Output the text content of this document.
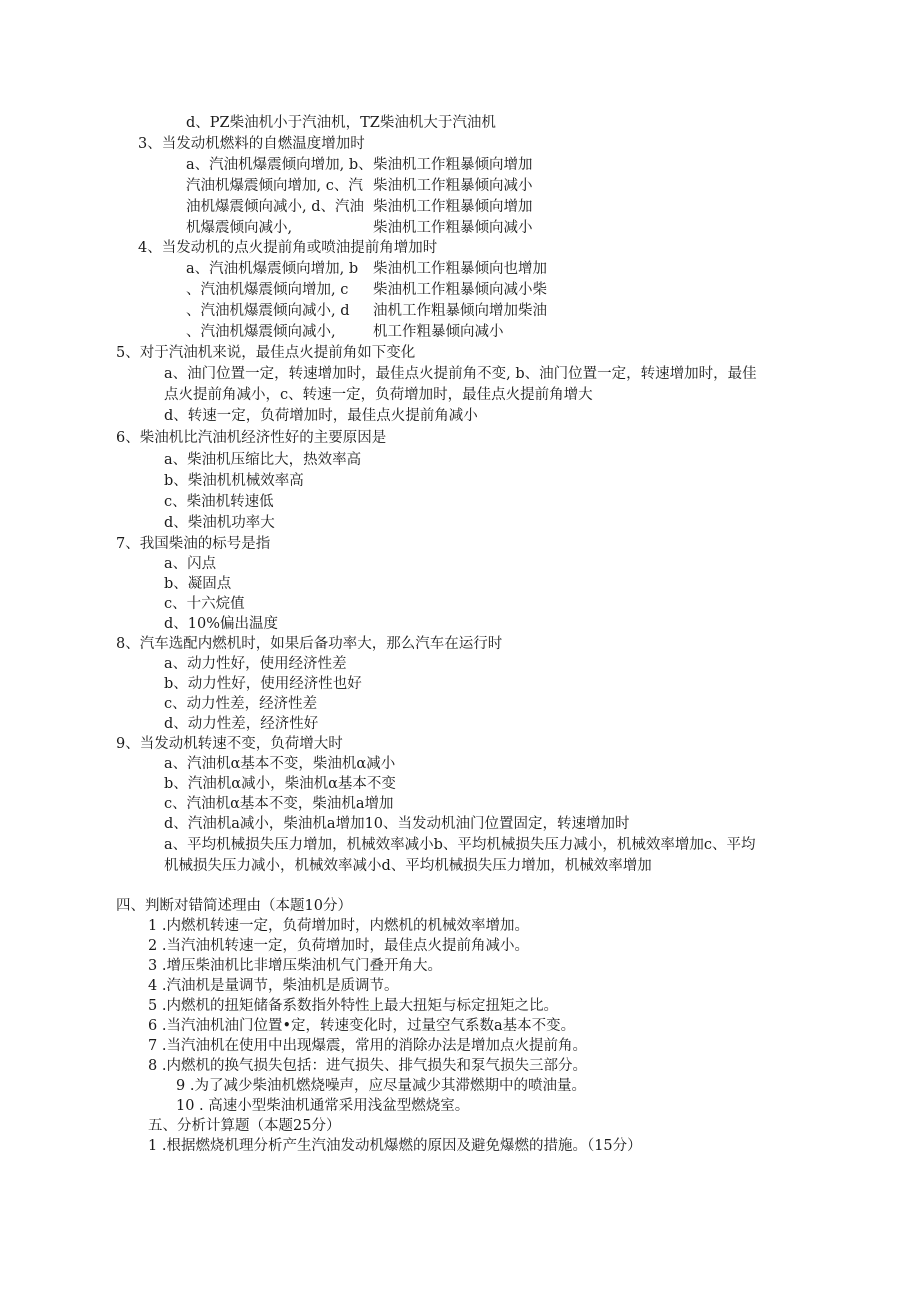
d、PZ柴油机小于汽油机，TZ柴油机大于汽油机

3、当发动机燃料的自燃温度增加时

a、汽油机爆震倾向增加, b、

汽油机爆震倾向增加, c、汽

油机爆震倾向减小, d、汽油

机爆震倾向减小,

柴油机工作粗暴倾向增加
柴油机工作粗暴倾向减小
柴油机工作粗暴倾向增加
柴油机工作粗暴倾向减小

4、当发动机的点火提前角或喷油提前角增加时

a、汽油机爆震倾向增加, b

、汽油机爆震倾向增加, c

、汽油机爆震倾向减小, d

、汽油机爆震倾向减小,

柴油机工作粗暴倾向也增加
柴油机工作粗暴倾向减小柴
油机工作粗暴倾向增加柴油
机工作粗暴倾向减小

5、对于汽油机来说，最佳点火提前角如下变化

a、油门位置一定，转速增加时，最佳点火提前角不变, b、油门位置一定，转速增加时，最佳

点火提前角减小，c、转速一定，负荷增加时，最佳点火提前角增大

d、转速一定，负荷增加时，最佳点火提前角减小

6、柴油机比汽油机经济性好的主要原因是

a、柴油机压缩比大，热效率高

b、柴油机机械效率高

c、柴油机转速低

d、柴油机功率大

7、我国柴油的标号是指

a、闪点

b、凝固点

c、十六烷值

d、10%偏出温度

8、汽车选配内燃机时，如果后备功率大，那么汽车在运行时

a、动力性好，使用经济性差

b、动力性好，使用经济性也好

c、动力性差，经济性差

d、动力性差，经济性好

9、当发动机转速不变，负荷增大时

a、汽油机α基本不变，柴油机α减小

b、汽油机α减小，柴油机α基本不变

c、汽油机α基本不变，柴油机a增加

d、汽油机a减小，柴油机a增加10、当发动机油门位置固定，转速增加时

a、平均机械损失压力增加，机械效率减小b、平均机械损失压力减小，机械效率增加c、平均

机械损失压力减小，机械效率减小d、平均机械损失压力增加，机械效率增加

四、判断对错简述理由（本题10分）

1 .内燃机转速一定，负荷增加时，内燃机的机械效率增加。

2 .当汽油机转速一定，负荷增加时，最佳点火提前角减小。

3 .增压柴油机比非增压柴油机气门叠开角大。

4 .汽油机是量调节，柴油机是质调节。

5 .内燃机的扭矩储备系数指外特性上最大扭矩与标定扭矩之比。

6 .当汽油机油门位置•定，转速变化时，过量空气系数a基本不变。

7 .当汽油机在使用中出现爆震，常用的消除办法是增加点火提前角。

8 .内燃机的换气损失包括：进气损失、排气损失和泵气损失三部分。

9 .为了减少柴油机燃烧噪声，应尽量减少其滞燃期中的喷油量。

10 . 高速小型柴油机通常采用浅盆型燃烧室。

五、分析计算题（本题25分）

1 .根据燃烧机理分析产生汽油发动机爆燃的原因及避免爆燃的措施。（15分）
